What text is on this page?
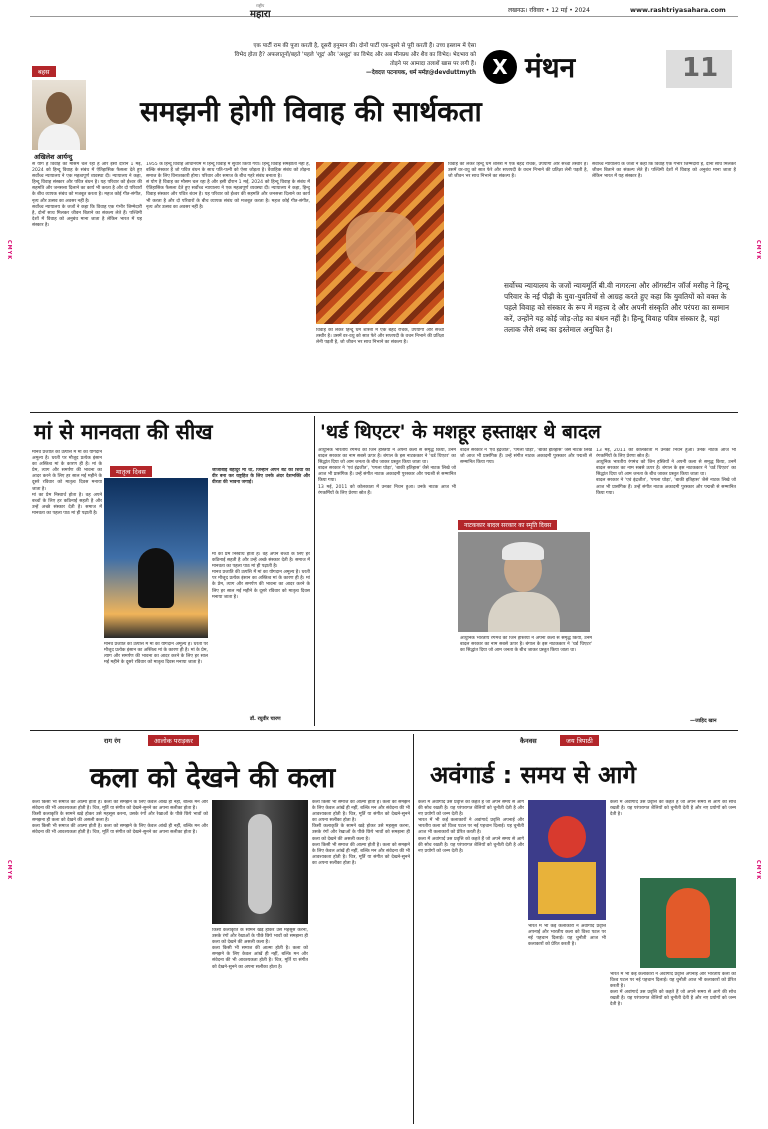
राष्ट्रीय
महारा	लखनऊ। रविवार • 12 मई • 2024	www.rashtriyasahara.com
एक पार्टी राम की पूजा करती है, दूसरी हनुमान की। दोनों पार्टी एक-दूसरे से पूरी करती हैं। उच्च इस्लाम में ऐसा
विभेद होता है? अफलातूनों/बहते 'पहले 'शूद्र' और 'अशूद्र' का विभेद और अब मीनप्रथ और शैव का विभेद। भेदभाव को
तोड़ने पर आमादा तलाशें खास पर लगी हैं।
—देवदत्त पटनायक, धर्म मर्मज्ञ@devduttmyth X मंथन	11
बहस
अखिलेश आर्यन्दु
समझनी होगी विवाह की सार्थकता

सं योग है विवाह का मौसम चल रहा है और इसी दौरान 1 मई, 2024 को हिन्दू विवाह के संबंध में ऐतिहासिक फैसला देते हुए सर्वोच्च न्यायालय ने एक महत्वपूर्ण व्यवस्था दी। न्यायालय ने कहा, हिन्दू विवाह संस्कार और पवित्र बंधन है। यह परिवार को ईश्वर की सहमति और जनसत्ता दिलाने का कार्य भी करता है और दो परिवारों के बीच व्यापक संबंध को मजबूत करता है। महज कोई गीत-संगीत, नृत्य और उत्सव का अवसर नहीं है।

सर्वोच्च न्यायालय के जजों ने कहा कि विवाह एक गंभीर जिम्मेदारी है, दोनों साथ मिलकर जीवन बिताने का संकल्प लेते हैं। पश्चिमी देशों में विवाह को अनुबंध माना जाता है लेकिन भारत में यह संस्कार है।

1955 के हिन्दू विवाह अधिनियम में हिन्दू विवाह में सुधार किया गया। हिन्दू विवाह समझौता नहीं है, बल्कि संस्कार है जो पवित्र बंधन के साथ पति-पत्नी को ऐसा जोड़ता है। वैवाहिक संबंध को तोड़ना समाज के लिए विनाशकारी होगा। परिवार और समाज के बीच गहरे संबंध बनाता है।

सं योग है विवाह का मौसम चल रहा है और इसी दौरान 1 मई, 2024 को हिन्दू विवाह के संबंध में ऐतिहासिक फैसला देते हुए सर्वोच्च न्यायालय ने एक महत्वपूर्ण व्यवस्था दी। न्यायालय ने कहा, हिन्दू विवाह संस्कार और पवित्र बंधन है। यह परिवार को ईश्वर की सहमति और जनसत्ता दिलाने का कार्य भी करता है और दो परिवारों के बीच व्यापक संबंध को मजबूत करता है। महज कोई गीत-संगीत, नृत्य और उत्सव का अवसर नहीं है।

विवाह को लेकर हिन्दू धर्म शास्त्रों में एक बेहद रोचक, उपयोगी और सच्ची तस्वीर है। उसमें वर-वधु को सात फेरे और सप्तपदी के वचन निभाने की प्रतिज्ञा लेनी पड़ती है, जो जीवन भर साथ निभाने का संकल्प है।

विवाह को लेकर हिन्दू धर्म शास्त्रों में एक बेहद रोचक, उपयोगी और सच्ची तस्वीर है। उसमें वर-वधु को सात फेरे और सप्तपदी के वचन निभाने की प्रतिज्ञा लेनी पड़ती है, जो जीवन भर साथ निभाने का संकल्प है।

सर्वोच्च न्यायालय के जजों ने कहा कि विवाह एक गंभीर जिम्मेदारी है, दोनों साथ मिलकर जीवन बिताने का संकल्प लेते हैं। पश्चिमी देशों में विवाह को अनुबंध माना जाता है लेकिन भारत में यह संस्कार है।

सर्वोच्च न्यायालय के जजों न्यायमूर्ति बी.वी नागरत्ना और ऑगस्टीन जॉर्ज मसीह ने हिन्दू परिवार के नई पीढ़ी के युवा-युवतियों से आग्रह करते हुए कहा कि युवतियों को वक्त के पहले विवाह को संस्कार के रूप में महत्त्व दे और अपनी संस्कृति और परंपरा का सम्मान करें, उन्होंने यह कोई जोड़-तोड़ का बंधन नहीं है। हिन्दू विवाह पवित्र संस्कार है, यहां तलाक जैसे शब्द का इस्तेमाल अनुचित है।
मां से मानवता की सीख

मानव प्रजाति की उत्पत्ति में मां का योगदान अमूल्य है। धरती पर मौजूद प्रत्येक इंसान का अस्तित्व मां के कारण ही है। मां के प्रेम, त्याग और समर्पण की भावना का आदर करने के लिए हर साल मई महीने के दूसरे रविवार को मातृत्व दिवस मनाया जाता है।

मां का प्रेम निस्वार्थ होता है। वह अपने बच्चों के लिए हर कठिनाई सहती है और उन्हें अच्छे संस्कार देती है। समाज में मानवता का पहला पाठ मां ही पढ़ाती है।

मातृत्व दिवस	जीजाबाई बहादुर मां थीं, जिन्होंने अपने बेटे को शिवा को वीर बना कर राष्ट्रहित के लिए उनके अंदर देशभक्ति और वीरता की भावना जगाई।

मां का प्रेम निस्वार्थ होता है। वह अपने बच्चों के लिए हर कठिनाई सहती है और उन्हें अच्छे संस्कार देती है। समाज में मानवता का पहला पाठ मां ही पढ़ाती है।

मानव प्रजाति की उत्पत्ति में मां का योगदान अमूल्य है। धरती पर मौजूद प्रत्येक इंसान का अस्तित्व मां के कारण ही है। मां के प्रेम, त्याग और समर्पण की भावना का आदर करने के लिए हर साल मई महीने के दूसरे रविवार को मातृत्व दिवस मनाया जाता है।

मानव प्रजाति की उत्पत्ति में मां का योगदान अमूल्य है। धरती पर मौजूद प्रत्येक इंसान का अस्तित्व मां के कारण ही है। मां के प्रेम, त्याग और समर्पण की भावना का आदर करने के लिए हर साल मई महीने के दूसरे रविवार को मातृत्व दिवस मनाया जाता है।

डॉ. रघुवीर चारण
'थर्ड थिएटर' के मशहूर हस्ताक्षर थे बादल

आधुनिक भारतीय रंगमंच को जिन हस्तियों ने अपनी कला से समृद्ध किया, उनमें बादल सरकार का नाम सबसे ऊपर है। बंगाल के इस नाटककार ने 'थर्ड थिएटर' का सिद्धांत दिया जो आम जनता के बीच जाकर प्रस्तुत किया जाता था।

बादल सरकार ने 'एवं इंद्रजीत', 'पगला घोड़ा', 'बाकी इतिहास' जैसे नाटक लिखे जो आज भी प्रासंगिक हैं। उन्हें संगीत नाटक अकादमी पुरस्कार और पद्मश्री से सम्मानित किया गया।

13 मई, 2011 को कोलकाता में उनका निधन हुआ। उनके नाटक आज भी रंगकर्मियों के लिए प्रेरणा स्रोत हैं।

बादल सरकार ने 'एवं इंद्रजीत', 'पगला घोड़ा', 'बाकी इतिहास' जैसे नाटक लिखे जो आज भी प्रासंगिक हैं। उन्हें संगीत नाटक अकादमी पुरस्कार और पद्मश्री से सम्मानित किया गया।

नाटककार बादल सरकार का स्मृति दिवस

आधुनिक भारतीय रंगमंच को जिन हस्तियों ने अपनी कला से समृद्ध किया, उनमें बादल सरकार का नाम सबसे ऊपर है। बंगाल के इस नाटककार ने 'थर्ड थिएटर' का सिद्धांत दिया जो आम जनता के बीच जाकर प्रस्तुत किया जाता था।

13 मई, 2011 को कोलकाता में उनका निधन हुआ। उनके नाटक आज भी रंगकर्मियों के लिए प्रेरणा स्रोत हैं।

आधुनिक भारतीय रंगमंच को जिन हस्तियों ने अपनी कला से समृद्ध किया, उनमें बादल सरकार का नाम सबसे ऊपर है। बंगाल के इस नाटककार ने 'थर्ड थिएटर' का सिद्धांत दिया जो आम जनता के बीच जाकर प्रस्तुत किया जाता था।

बादल सरकार ने 'एवं इंद्रजीत', 'पगला घोड़ा', 'बाकी इतिहास' जैसे नाटक लिखे जो आज भी प्रासंगिक हैं। उन्हें संगीत नाटक अकादमी पुरस्कार और पद्मश्री से सम्मानित किया गया।

—जाहिद खान
राग रंग	आलोक पराड़कर
कला को देखने की कला

कला किसी भी समाज की आत्मा होती है। कला को समझने के लिए केवल आंखें ही नहीं, बल्कि मन और संवेदना की भी आवश्यकता होती है। चित्र, मूर्ति या संगीत को देखने-सुनने का अपना सलीका होता है।

किसी कलाकृति के सामने खड़े होकर उसे महसूस करना, उसके रंगों और रेखाओं के पीछे छिपे भावों को समझना ही कला को देखने की असली कला है।

कला किसी भी समाज की आत्मा होती है। कला को समझने के लिए केवल आंखें ही नहीं, बल्कि मन और संवेदना की भी आवश्यकता होती है। चित्र, मूर्ति या संगीत को देखने-सुनने का अपना सलीका होता है।

किसी कलाकृति के सामने खड़े होकर उसे महसूस करना, उसके रंगों और रेखाओं के पीछे छिपे भावों को समझना ही कला को देखने की असली कला है।

कला किसी भी समाज की आत्मा होती है। कला को समझने के लिए केवल आंखें ही नहीं, बल्कि मन और संवेदना की भी आवश्यकता होती है। चित्र, मूर्ति या संगीत को देखने-सुनने का अपना सलीका होता है।

कला किसी भी समाज की आत्मा होती है। कला को समझने के लिए केवल आंखें ही नहीं, बल्कि मन और संवेदना की भी आवश्यकता होती है। चित्र, मूर्ति या संगीत को देखने-सुनने का अपना सलीका होता है।

किसी कलाकृति के सामने खड़े होकर उसे महसूस करना, उसके रंगों और रेखाओं के पीछे छिपे भावों को समझना ही कला को देखने की असली कला है।

कला किसी भी समाज की आत्मा होती है। कला को समझने के लिए केवल आंखें ही नहीं, बल्कि मन और संवेदना की भी आवश्यकता होती है। चित्र, मूर्ति या संगीत को देखने-सुनने का अपना सलीका होता है।

कैनवस	जय त्रिपाठी
अवंगार्ड : समय से आगे

कला में अवांगार्द उस प्रवृत्ति को कहते हैं जो अपने समय से आगे की सोच रखती है। यह परंपरागत शैलियों को चुनौती देती है और नए प्रयोगों को जन्म देती है।

भारत में भी कई कलाकारों ने अवांगार्द प्रवृत्ति अपनाई और भारतीय कला को विश्व पटल पर नई पहचान दिलाई। यह चुनौती आज भी कलाकारों को प्रेरित करती है।

कला में अवांगार्द उस प्रवृत्ति को कहते हैं जो अपने समय से आगे की सोच रखती है। यह परंपरागत शैलियों को चुनौती देती है और नए प्रयोगों को जन्म देती है।

भारत में भी कई कलाकारों ने अवांगार्द प्रवृत्ति अपनाई और भारतीय कला को विश्व पटल पर नई पहचान दिलाई। यह चुनौती आज भी कलाकारों को प्रेरित करती है।

कला में अवांगार्द उस प्रवृत्ति को कहते हैं जो अपने समय से आगे की सोच रखती है। यह परंपरागत शैलियों को चुनौती देती है और नए प्रयोगों को जन्म देती है।

भारत में भी कई कलाकारों ने अवांगार्द प्रवृत्ति अपनाई और भारतीय कला को विश्व पटल पर नई पहचान दिलाई। यह चुनौती आज भी कलाकारों को प्रेरित करती है।

कला में अवांगार्द उस प्रवृत्ति को कहते हैं जो अपने समय से आगे की सोच रखती है। यह परंपरागत शैलियों को चुनौती देती है और नए प्रयोगों को जन्म देती है।

CMYK	CMYK
CMYK	CMYK
